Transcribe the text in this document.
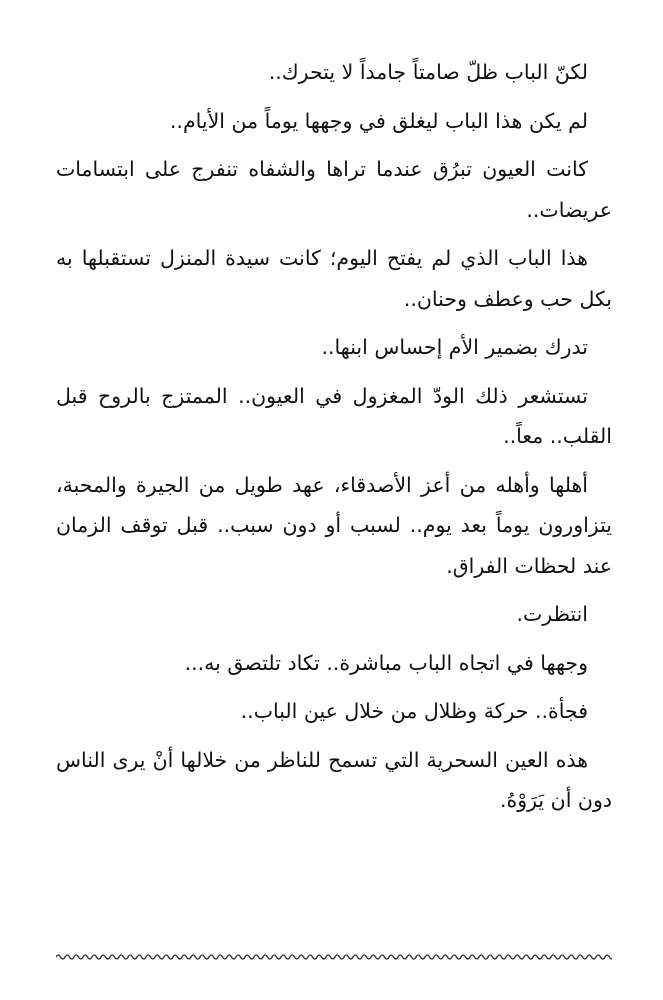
لكنّ الباب ظلّ صامتاً جامداً لا يتحرك..

لم يكن هذا الباب ليغلق في وجهها يوماً من الأيام..

كانت العيون تبرُق عندما تراها والشفاه تنفرج على ابتسامات عريضات..

هذا الباب الذي لم يفتح اليوم؛ كانت سيدة المنزل تستقبلها به بكل حب وعطف وحنان..

تدرك بضمير الأم إحساس ابنها..

تستشعر ذلك الودّ المغزول في العيون.. الممتزج بالروح قبل القلب.. معاً..

أهلها وأهله من أعز الأصدقاء، عهد طويل من الجيرة والمحبة، يتزاورون يوماً بعد يوم.. لسبب أو دون سبب.. قبل توقف الزمان عند لحظات الفراق.

انتظرت.

وجهها في اتجاه الباب مباشرة.. تكاد تلتصق به...

فجأة.. حركة وظلال من خلال عين الباب..

هذه العين السحرية التي تسمح للناظر من خلالها أنْ يرى الناس دون أن يَرَوْهُ.
